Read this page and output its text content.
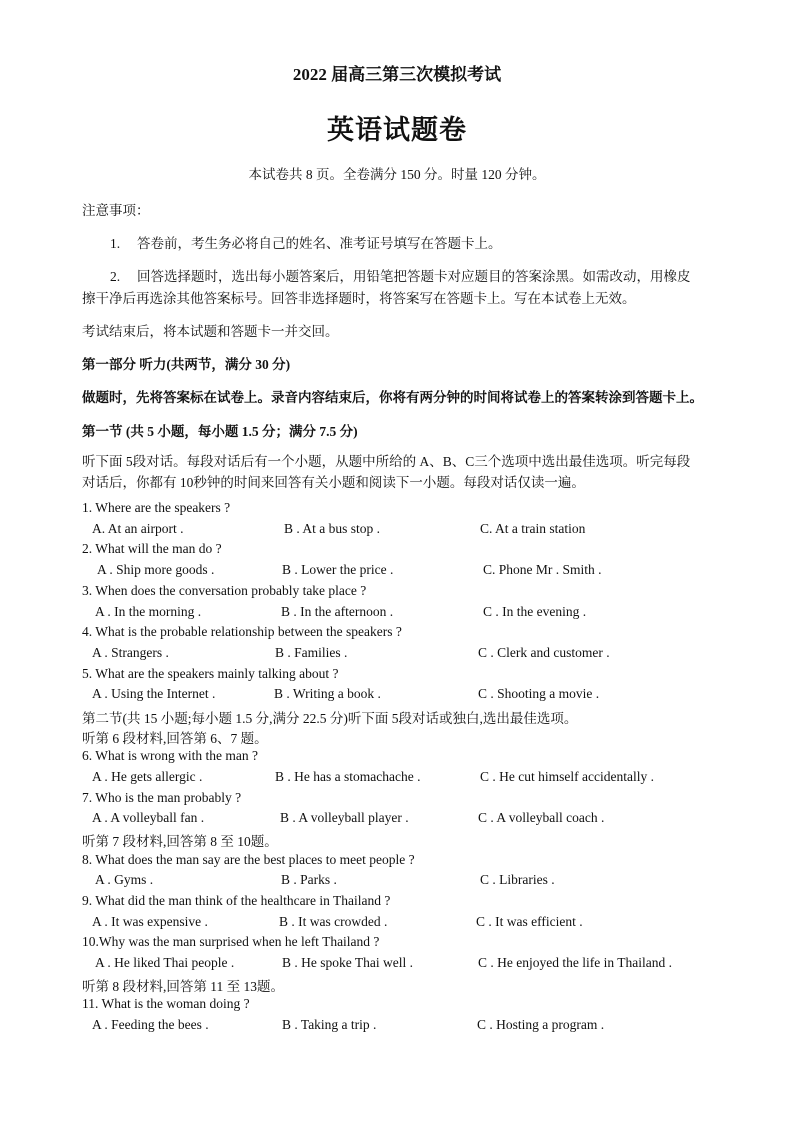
2022 届高三第三次模拟考试
英语试题卷
本试卷共 8 页。全卷满分 150 分。时量 120 分钟。
注意事项：
1.　 答卷前，考生务必将自己的姓名、准考证号填写在答题卡上。
2.　 回答选择题时，选出每小题答案后，用铅笔把答题卡对应题目的答案涂黑。如需改动，用橡皮
擦干净后再选涂其他答案标号。回答非选择题时，将答案写在答题卡上。写在本试卷上无效。
考试结束后，将本试题和答题卡一并交回。
第一部分 听力(共两节，满分 30 分)
做题时，先将答案标在试卷上。录音内容结束后，你将有两分钟的时间将试卷上的答案转涂到答题卡上。
第一节 (共 5 小题，每小题 1.5 分；满分 7.5 分)
听下面 5段对话。每段对话后有一个小题，从题中所给的 A、B、C三个选项中选出最佳选项。听完每段
对话后，你都有 10秒钟的时间来回答有关小题和阅读下一小题。每段对话仅读一遍。
1. Where are the speakers ?
A. At an airport .	B . At a bus stop .	C. At a train station
2. What will the man do ?
A . Ship more goods .	B . Lower the price .	C. Phone Mr . Smith .
3. When does the conversation probably take place ?
A . In the morning .	B . In the afternoon .	C . In the evening .
4. What is the probable relationship between the speakers ?
A . Strangers .	B . Families .	C . Clerk and customer .
5. What are the speakers mainly talking about ?
A . Using the Internet .	B . Writing a book .	C . Shooting a movie .
第二节(共 15 小题;每小题 1.5 分,满分 22.5 分)听下面 5段对话或独白,选出最佳选项。
听第 6 段材料,回答第 6、7 题。
6. What is wrong with the man ?
A . He gets allergic .	B . He has a stomachache .	C . He cut himself accidentally .
7. Who is the man probably ?
A . A volleyball fan .	B . A volleyball player .	C . A volleyball coach .
听第 7 段材料,回答第 8 至 10题。
8. What does the man say are the best places to meet people ?
A . Gyms .	B . Parks .	C . Libraries .
9. What did the man think of the healthcare in Thailand ?
A . It was expensive .	B . It was crowded .	C . It was efficient .
10.Why was the man surprised when he left Thailand ?
A . He liked Thai people .	B . He spoke Thai well .	C . He enjoyed the life in Thailand .
听第 8 段材料,回答第 11 至 13题。
11. What is the woman doing ?
A . Feeding the bees .	B . Taking a trip .	C . Hosting a program .
